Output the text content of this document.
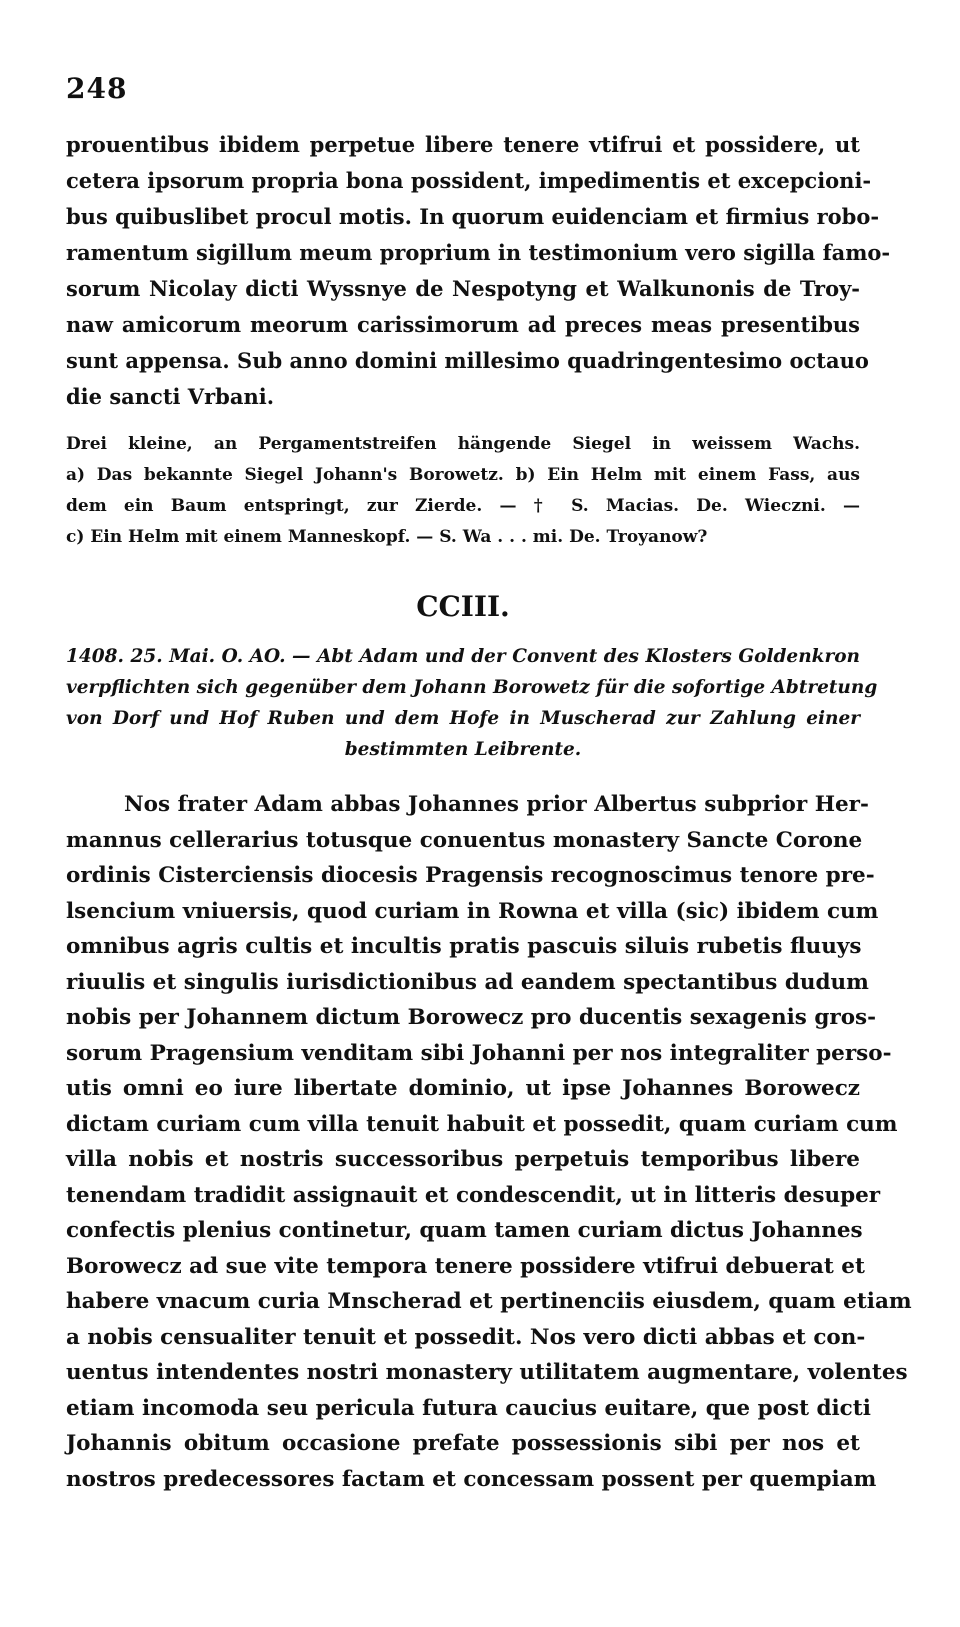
248
prouentibus ibidem perpetue libere tenere vtifrui et possidere, ut
cetera ipsorum propria bona possident, impedimentis et excepcioni-
bus quibuslibet procul motis. In quorum euidenciam et firmius robo-
ramentum sigillum meum proprium in testimonium vero sigilla famo-
sorum Nicolay dicti Wyssnye de Nespotyng et Walkunonis de Troy-
naw amicorum meorum carissimorum ad preces meas presentibus
sunt appensa. Sub anno domini millesimo quadringentesimo octauo
die sancti Vrbani.
Drei kleine, an Pergamentstreifen hängende Siegel in weissem Wachs.
a) Das bekannte Siegel Johann's Borowetz. b) Ein Helm mit einem Fass, aus
dem ein Baum entspringt, zur Zierde. — † S. Macias. De. Wieczni. —
c) Ein Helm mit einem Manneskopf. — S. Wa . . . mi. De. Troyanow?
CCIII.
1408. 25. Mai. O. AO. — Abt Adam und der Convent des Klosters Goldenkron
verpflichten sich gegenüber dem Johann Borowetz für die sofortige Abtretung
von Dorf und Hof Ruben und dem Hofe in Muscherad zur Zahlung einer
bestimmten Leibrente.
Nos frater Adam abbas Johannes prior Albertus subprior Her-
mannus cellerarius totusque conuentus monastery Sancte Corone
ordinis Cisterciensis diocesis Pragensis recognoscimus tenore pre-
lsencium vniuersis, quod curiam in Rowna et villa (sic) ibidem cum
omnibus agris cultis et incultis pratis pascuis siluis rubetis fluuys
riuulis et singulis iurisdictionibus ad eandem spectantibus dudum
nobis per Johannem dictum Borowecz pro ducentis sexagenis gros-
sorum Pragensium venditam sibi Johanni per nos integraliter perso-
utis omni eo iure libertate dominio, ut ipse Johannes Borowecz
dictam curiam cum villa tenuit habuit et possedit, quam curiam cum
villa nobis et nostris successoribus perpetuis temporibus libere
tenendam tradidit assignauit et condescendit, ut in litteris desuper
confectis plenius continetur, quam tamen curiam dictus Johannes
Borowecz ad sue vite tempora tenere possidere vtifrui debuerat et
habere vnacum curia Mnscherad et pertinenciis eiusdem, quam etiam
a nobis censualiter tenuit et possedit. Nos vero dicti abbas et con-
uentus intendentes nostri monastery utilitatem augmentare, volentes
etiam incomoda seu pericula futura caucius euitare, que post dicti
Johannis obitum occasione prefate possessionis sibi per nos et
nostros predecessores factam et concessam possent per quempiam
